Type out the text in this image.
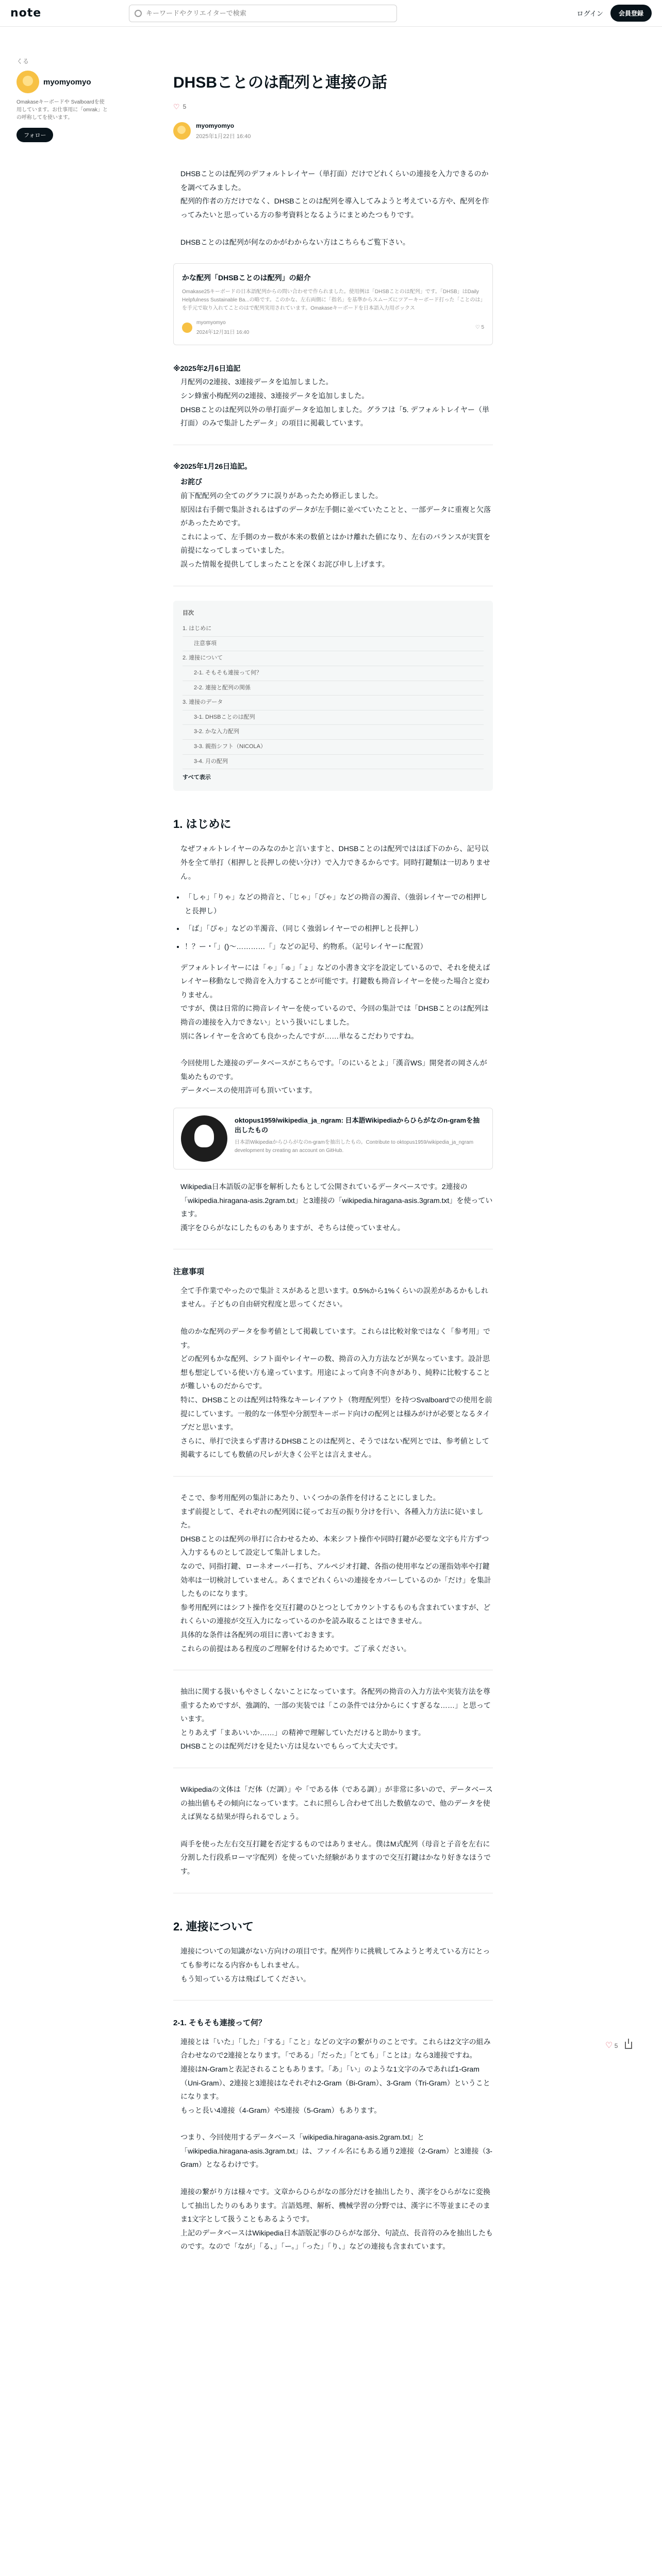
note
キーワードやクリエイターで検索	ログイン	会員登録
くる
myomyomyo
Omakaseキーボードや Svalboardを使用しています。お仕事用に「omrak」との呼称してを使います。
フォロー
DHSBことのは配列と連接の話
♡ 5
myomyomyo
2025年1月22日 16:40
DHSBことのは配列のデフォルトレイヤー（単打面）だけでどれくらいの連接を入力できるのかを調べてみました。
配列的作者の方だけでなく、DHSBことのは配列を導入してみようと考えている方や、配列を作ってみたいと思っている方の参考資料となるようにまとめたつもりです。
DHSBことのは配列が何なのかがわからない方はこちらもご覧下さい。
かな配列「DHSBことのは配列」の紹介
Omakase25キーボードの日本語配列からの問い合わせで作られました。使用例は「DHSBことのは配列」です。「DHSB」はDaily Helpfulness Sustainable Ba...の略です。このかな、左右両側に「指名」を基準からスムーズにツアーキーボード打った「ことのは」を手元で取り入れてことのはで配列実用されています。Omakaseキーボードを日本語入力用ボックス
myomyomyo
2024年12月31日 16:40
♡ 5
※2025年2月6日追記
月配列の2連接、3連接データを追加しました。
シン蜂蜜小梅配列の2連接、3連接データを追加しました。
DHSBことのは配列以外の単打面データを追加しました。グラフは「5. デフォルトレイヤー（単打面）のみで集計したデータ」の項目に掲載しています。
※2025年1月26日追記。
お詫び
前下配配列の全てのグラフに誤りがあったため修正しました。
原因は右手側で集計されるはずのデータが左手側に並べていたことと、一部データに重複と欠落があったためです。
これによって、左手側のカー数が本来の数値とはかけ離れた値になり、左右のバランスが実質を前提になってしまっていました。
誤った情報を提供してしまったことを深くお詫び申し上げます。
目次
1. はじめに
注意事項
2. 連接について
2-1. そもそも連接って何？
2-2. 連接と配列の関係
3. 連接のデータ
3-1. DHSBことのは配列
3-2. かな入力配列
3-3. 親指シフト（NICOLA）
3-4. 月の配列
すべて表示
1. はじめに
なぜフォルトレイヤーのみなのかと言いますと、DHSBことのは配列ではほぼ下のから、記号以外を全て単打（相押しと長押しの使い分け）で入力できるからです。同時打鍵類は一切ありません。
• 「しゃ」「りゃ」などの拗音と、「じゃ」「ぴゃ」などの拗音の濁音、（強弱レイヤーでの相押しと長押し）
• 「ば」「ぴゃ」などの半濁音、（同じく強弱レイヤーでの相押しと長押し）
• ！？ー・「」()～…………「」などの記号、約物系。（記号レイヤーに配置）
デフォルトレイヤーには「ゃ」「ゅ」「ょ」などの小書き文字を設定しているので、それを使えばレイヤー移動なしで拗音を入力することが可能です。打鍵数も拗音レイヤーを使った場合と変わりません。
ですが、僕は日常的に拗音レイヤーを使っているので、今回の集計では「DHSBことのは配列は拗音の連接を入力できない」という扱いにしました。
別に各レイヤーを含めても良かったんですが……単なるこだわりですね。
今回使用した連接のデータベースがこちらです。「のにいるとよ」「漢音WS」開発者の岡さんが集めたものです。
データベースの使用許可も頂いています。
oktopus1959/wikipedia_ja_ngram: 日本語Wikipediaからひらがなのn-gramを抽出したもの
日本語Wikipediaからひらがなのn-gramを抽出したもの。Contribute to oktopus1959/wikipedia_ja_ngram development by creating an account on GitHub.
Wikipedia日本語版の記事を解析したもとして公開されているデータベースです。2連接の「wikipedia.hiragana-asis.2gram.txt」と3連接の「wikipedia.hiragana-asis.3gram.txt」を使っています。
漢字をひらがなにしたものもありますが、そちらは使っていません。
注意事項
全て手作業でやったので集計ミスがあると思います。0.5%から1%くらいの誤差があるかもしれません。子どもの自由研究程度と思ってください。
他のかな配列のデータを参考値として掲載しています。これらは比較対象ではなく「参考用」です。
どの配列もかな配列、シフト面やレイヤーの数、拗音の入力方法などが異なっています。設計思想も想定している使い方も違っています。用途によって向き不向きがあり、純粋に比較することが難しいものだからです。
特に、DHSBことのは配列は特殊なキーレイアウト（物理配列型）を持つSvalboardでの使用を前提にしています。一般的な一体型や分割型キーボード向けの配列とは様みがけが必要となるタイプだと思います。
さらに、単打で決まらず書けるDHSBことのは配列と、そうではない配列とでは、参考値として掲載するにしても数値の尺レが大きく公平とは言えません。
そこで、参考用配列の集計にあたり、いくつかの条件を付けることにしました。
まず前提として、それぞれの配列図に従ってお互の振り分けを行い、各種入力方法に従いました。
DHSBことのは配列の単打に合わせるため、本来シフト操作や同時打鍵が必要な文字も片方ずつ入力するものとして設定して集計しました。
なので、同指打鍵、ローネオーバー打ち、アルペジオ打鍵、各指の使用率などの運指効率や打鍵効率は一切検討していません。あくまでどれくらいの連接をカバーしているのか「だけ」を集計したものになります。
参考用配列にはシフト操作を交互打鍵のひとつとしてカウントするものも含まれていますが、どれくらいの連接が交互入力になっているのかを読み取ることはできません。
具体的な条件は各配列の項目に書いておきます。
これらの前提はある程度のご理解を付けるためです。ご了承ください。
抽出に関する扱いもやさしくないことになっています。各配列の拗音の入力方法や実装方法を尊重するためですが、強調的、一部の実装では「この条件では分からにくすぎるな……」と思っています。
とりあえず「まあいいか……」の精神で理解していただけると助かります。
DHSBことのは配列だけを見たい方は見ないでもらって大丈夫です。
Wikipediaの文体は「だ体（だ調）」や「である体（である調）」が非常に多いので、データベースの抽出値もその傾向になっています。これに照らし合わせて出した数値なので、他のデータを使えば異なる結果が得られるでしょう。
両手を使った左右交互打鍵を否定するものではありません。僕はM式配列（母音と子音を左右に分割した行段系ローマ字配列）を使っていた経験がありますので交互打鍵はかなり好きなほうです。
2. 連接について
連接についての知識がない方向けの項目です。配列作りに挑戦してみようと考えている方にとっても参考になる内容かもしれません。
もう知っている方は飛ばしてください。
2-1. そもそも連接って何？
連接とは「いた」「した」「する」「こと」などの文字の繋がりのことです。これらは2文字の組み合わせなので2連接となります。「である」「だった」「とても」「ことは」なら3連接ですね。
連接はN-Gramと表記されることもあります。「あ」「い」のような1文字のみであれば1-Gram（Uni-Gram）、2連接と3連接はなそれぞれ2-Gram（Bi-Gram）、3-Gram（Tri-Gram）ということになります。
もっと長い4連接（4-Gram）や5連接（5-Gram）もあります。
つまり、今回使用するデータベース「wikipedia.hiragana-asis.2gram.txt」と「wikipedia.hiragana-asis.3gram.txt」は、ファイル名にもある通り2連接（2-Gram）と3連接（3-Gram）となるわけです。
連接の繋がり方は様々です。文章からひらがなの部分だけを抽出したり、漢字をひらがなに変換して抽出したりのもあります。言語処理、解析、機械学習の分野では、漢字に不等並まにそのまま1文字として扱うこともあるようです。
上記のデータベースはWikipedia日本語版記事のひらがな部分、句読点、長音符のみを抽出したものです。なので「なが」「る、」「ー。」「った」「り、」などの連接も含まれています。
♡ 5
